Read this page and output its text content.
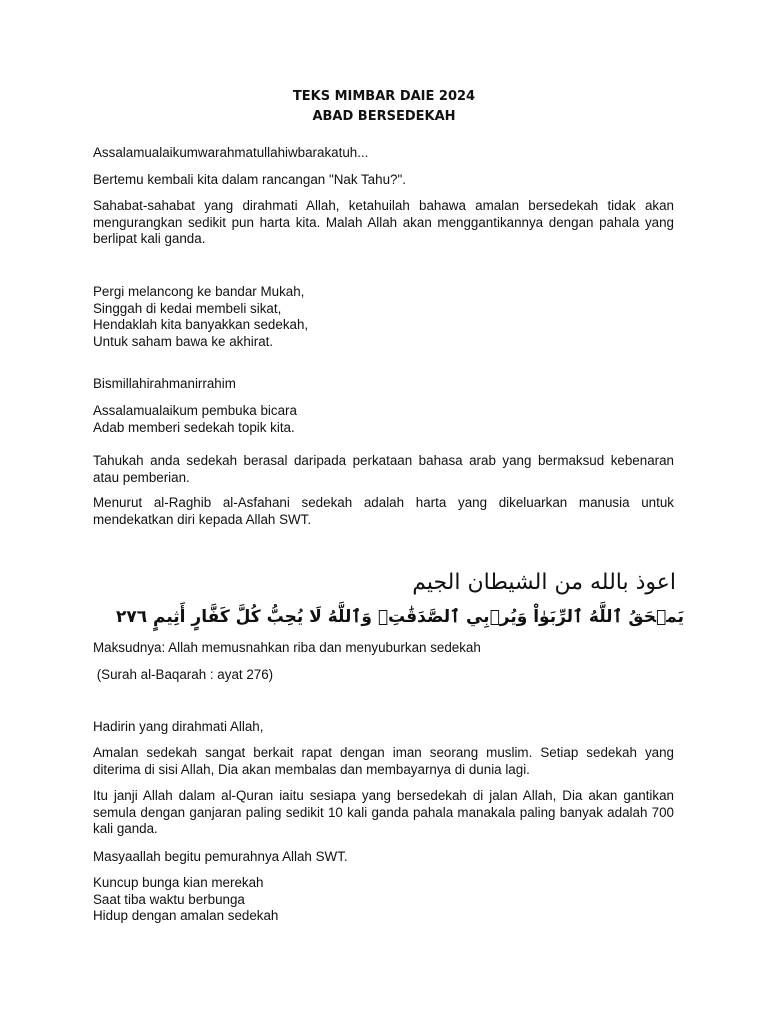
TEKS MIMBAR DAIE 2024
ABAD BERSEDEKAH

Assalamualaikumwarahmatullahiwbarakatuh...

Bertemu kembali kita dalam rancangan "Nak Tahu?".

Sahabat-sahabat yang dirahmati Allah, ketahuilah bahawa amalan bersedekah tidak akan mengurangkan sedikit pun harta kita. Malah Allah akan menggantikannya dengan pahala yang berlipat kali ganda.

Pergi melancong ke bandar Mukah,
Singgah di kedai membeli sikat,
Hendaklah kita banyakkan sedekah,
Untuk saham bawa ke akhirat.

Bismillahirahmanirrahim

Assalamualaikum pembuka bicara
Adab memberi sedekah topik kita.

Tahukah anda sedekah berasal daripada perkataan bahasa arab yang bermaksud kebenaran atau pemberian.

Menurut al-Raghib al-Asfahani sedekah adalah harta yang dikeluarkan manusia untuk mendekatkan diri kepada Allah SWT.

اعوذ بالله من الشيطان الجيم
يَمۡحَقُ ٱللَّهُ ٱلرِّبَوٰاْ وَيُرۡبِي ٱلصَّدَقَٰتِۗ وَٱللَّهُ لَا يُحِبُّ كُلَّ كَفَّارٍ أَثِيمٍ ٢٧٦

Maksudnya: Allah memusnahkan riba dan menyuburkan sedekah

(Surah al-Baqarah : ayat 276)

Hadirin yang dirahmati Allah,

Amalan sedekah sangat berkait rapat dengan iman seorang muslim. Setiap sedekah yang diterima di sisi Allah, Dia akan membalas dan membayarnya di dunia lagi.

Itu janji Allah dalam al-Quran iaitu sesiapa yang bersedekah di jalan Allah, Dia akan gantikan semula dengan ganjaran paling sedikit 10 kali ganda pahala manakala paling banyak adalah 700 kali ganda.

Masyaallah begitu pemurahnya Allah SWT.

Kuncup bunga kian merekah
Saat tiba waktu berbunga
Hidup dengan amalan sedekah
